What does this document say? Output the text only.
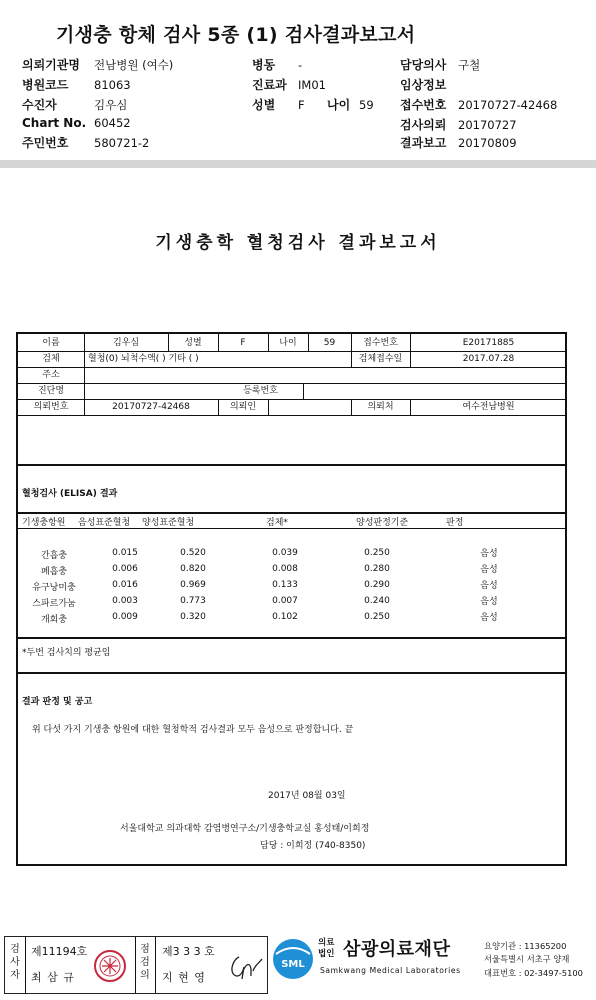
기생충 항체 검사 5종 (1) 검사결과보고서
의뢰기관명 전남병원 (여수)	병동 -	담당의사 구철
병원코드 81063	진료과 IM01	임상정보
수진자	김우심	성별 F 나이 59 접수번호 20170727-42468
Chart No. 60452	검사의뢰 20170727
주민번호 580721-2	결과보고 20170809
기생충학 혈청검사 결과보고서
이름	김우심	성별	F	나이	59	접수번호	E20171885
검체	혈청(0) 뇌척수액( ) 기타 ( )	검체접수일	2017.07.28
주소
진단명	등록번호
의뢰번호	20170727-42468	의뢰인	의뢰처	여수전남병원
혈청검사 (ELISA) 결과
기생충항원 음성표준혈청 양성표준혈청	검체*	양성판정기준	판정
간흡충	0.015	0.520	0.039	0.250	음성
폐흡충	0.006	0.820	0.008	0.280	음성
유구낭미충	0.016	0.969	0.133	0.290	음성
스파르가눔	0.003	0.773	0.007	0.240	음성
개회충	0.009	0.320	0.102	0.250	음성
*두번 검사치의 평균임
결과 판정 및 공고
위 다섯 가지 기생충 항원에 대한 혈청학적 검사결과 모두 음성으로 판정합니다. 끝
2017년 08월 03일
서울대학교 의과대학 감염병연구소/기생충학교실 홍성태/이희정
담당 : 이희정 (740-8350)
검사자
제11194호
최 삼 규
점검의
제3 3 3 호
지 현 영
SML
의료
법인 삼광의료재단
Samkwang Medical Laboratories
요양기관 : 11365200
서울특별시 서초구 양재
대표번호 : 02-3497-5100
